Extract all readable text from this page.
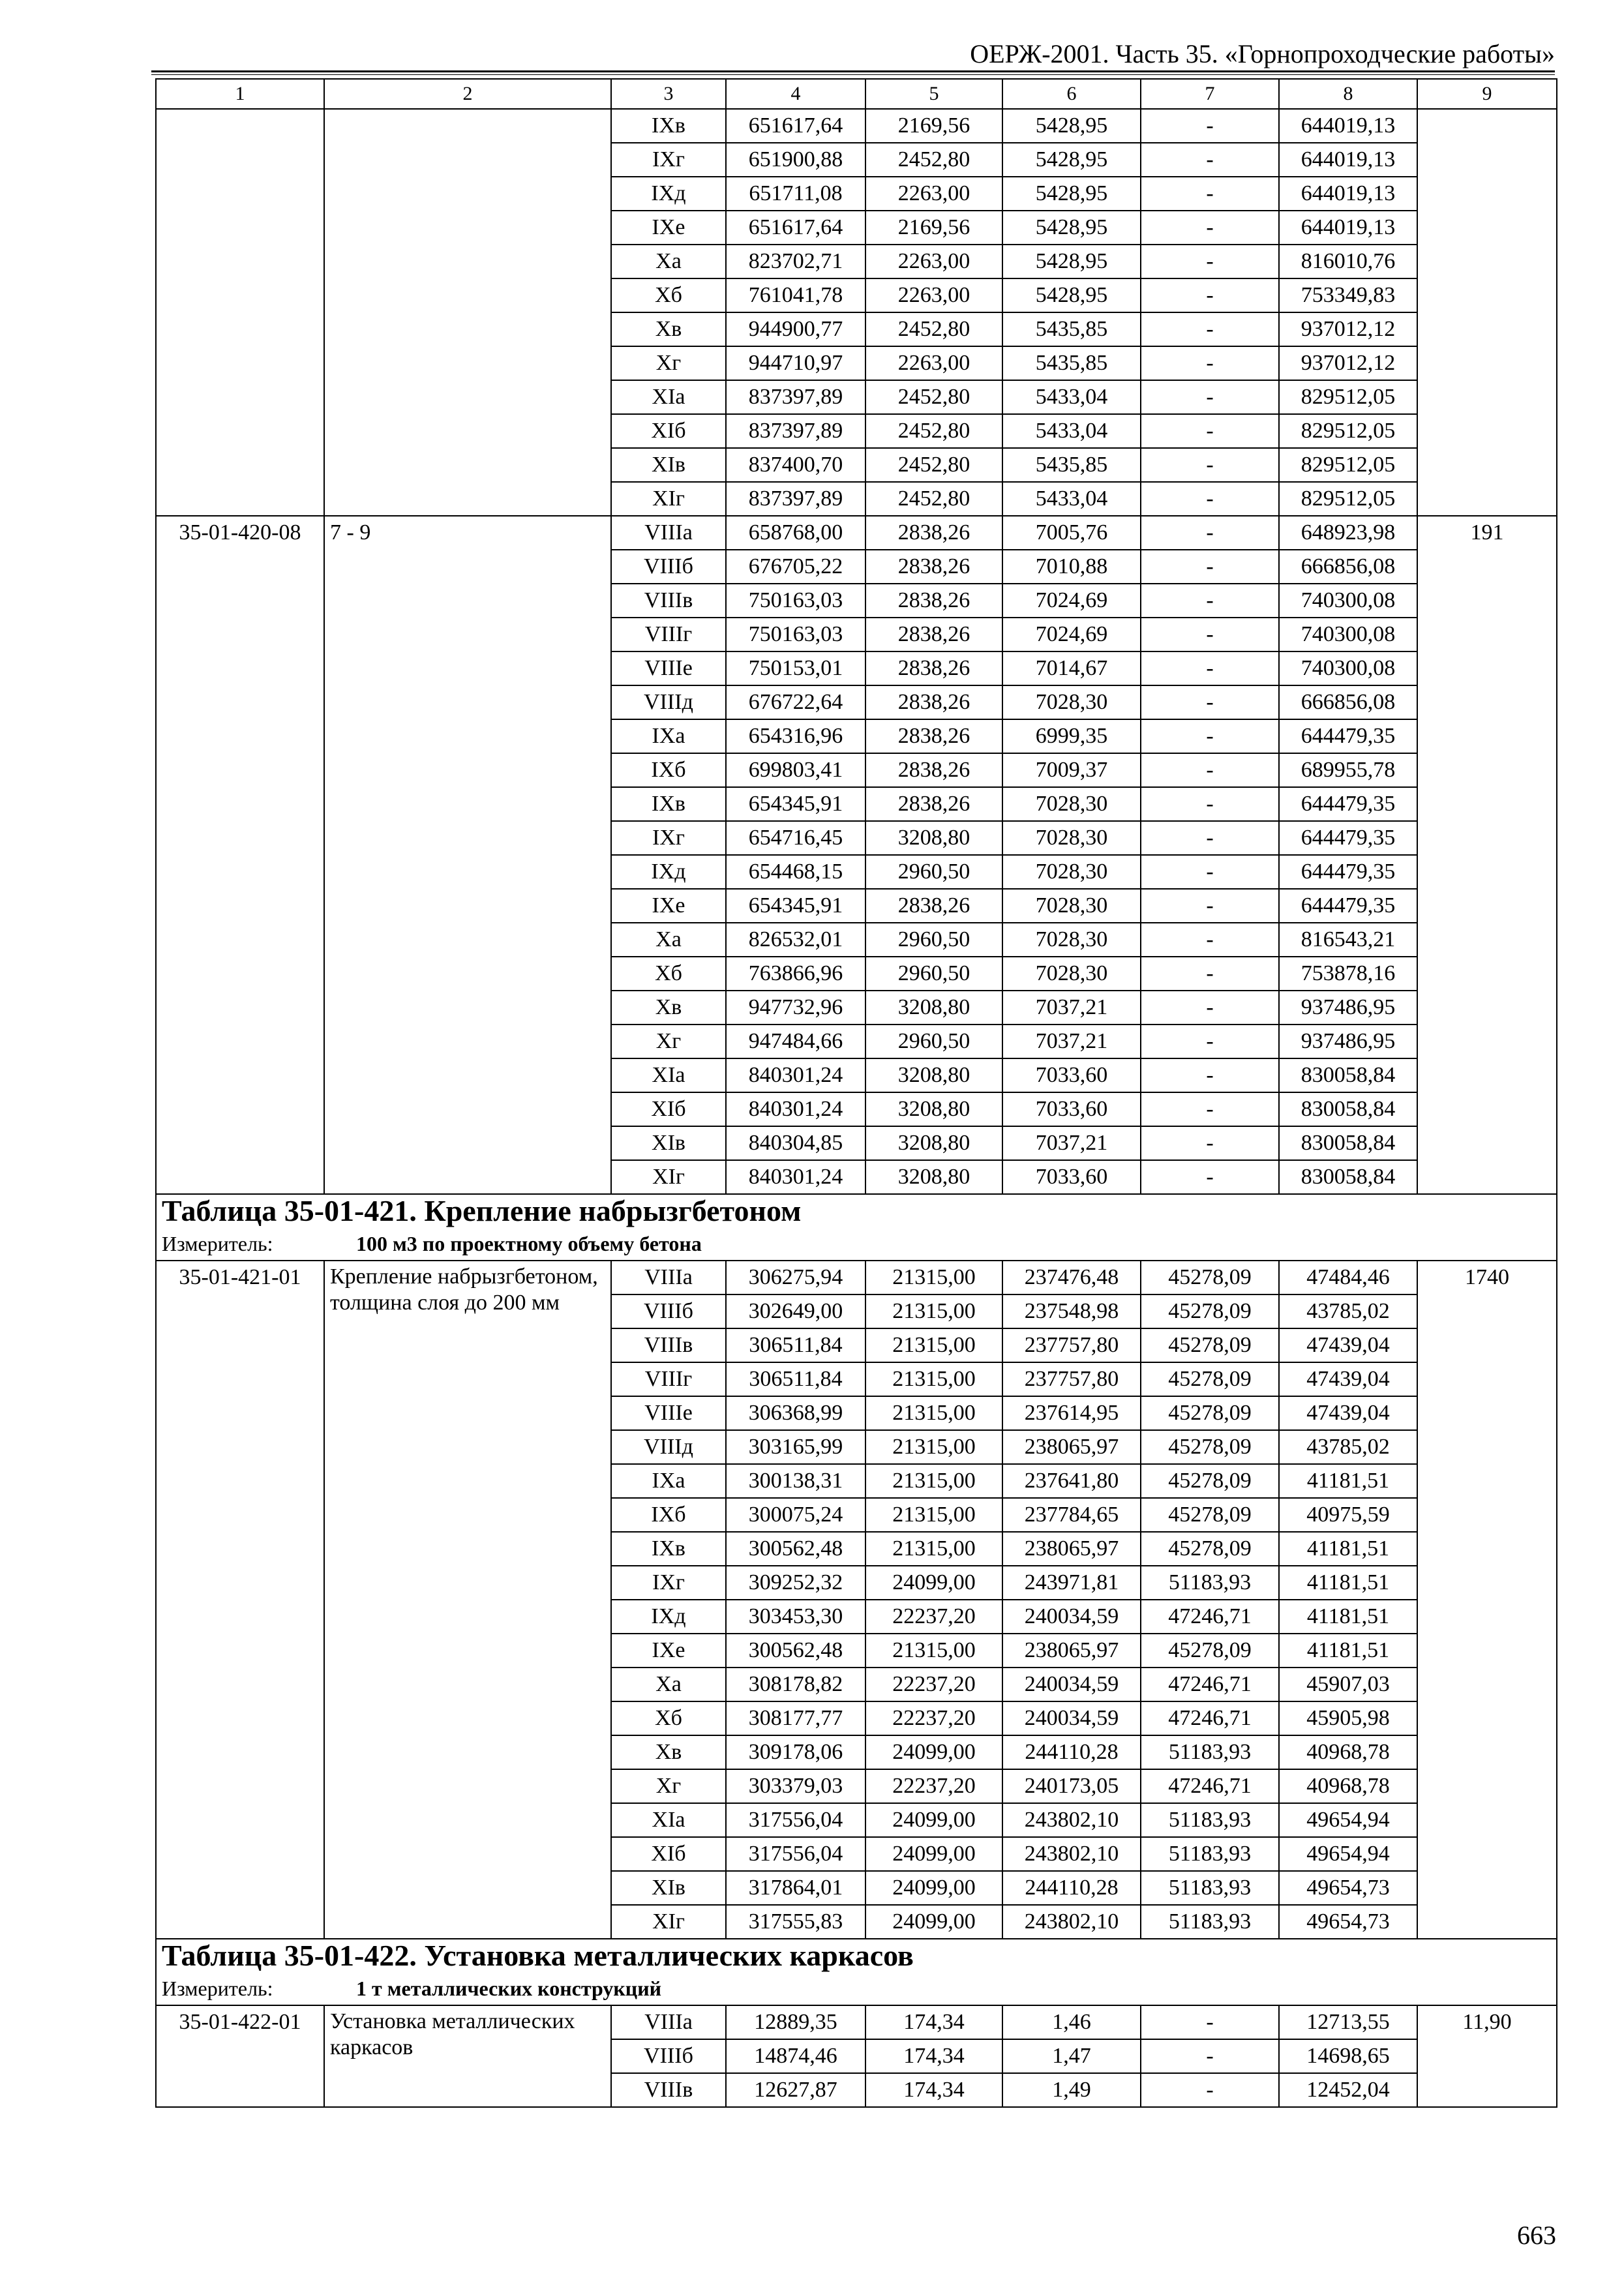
ОЕРЖ-2001. Часть 35. «Горнопроходческие работы»
1	2	3	4	5	6	7	8	9
		IXв	651617,64	2169,56	5428,95	-	644019,13	
		IXг	651900,88	2452,80	5428,95	-	644019,13	
		IXд	651711,08	2263,00	5428,95	-	644019,13	
		IXе	651617,64	2169,56	5428,95	-	644019,13	
		Xа	823702,71	2263,00	5428,95	-	816010,76	
		Xб	761041,78	2263,00	5428,95	-	753349,83	
		Xв	944900,77	2452,80	5435,85	-	937012,12	
		Xг	944710,97	2263,00	5435,85	-	937012,12	
		XIа	837397,89	2452,80	5433,04	-	829512,05	
		XIб	837397,89	2452,80	5433,04	-	829512,05	
		XIв	837400,70	2452,80	5435,85	-	829512,05	
		XIг	837397,89	2452,80	5433,04	-	829512,05	
35-01-420-08	7 - 9	VIIIа	658768,00	2838,26	7005,76	-	648923,98	191
		VIIIб	676705,22	2838,26	7010,88	-	666856,08	
		VIIIв	750163,03	2838,26	7024,69	-	740300,08	
		VIIIг	750163,03	2838,26	7024,69	-	740300,08	
		VIIIе	750153,01	2838,26	7014,67	-	740300,08	
		VIIIд	676722,64	2838,26	7028,30	-	666856,08	
		IXа	654316,96	2838,26	6999,35	-	644479,35	
		IXб	699803,41	2838,26	7009,37	-	689955,78	
		IXв	654345,91	2838,26	7028,30	-	644479,35	
		IXг	654716,45	3208,80	7028,30	-	644479,35	
		IXд	654468,15	2960,50	7028,30	-	644479,35	
		IXе	654345,91	2838,26	7028,30	-	644479,35	
		Xа	826532,01	2960,50	7028,30	-	816543,21	
		Xб	763866,96	2960,50	7028,30	-	753878,16	
		Xв	947732,96	3208,80	7037,21	-	937486,95	
		Xг	947484,66	2960,50	7037,21	-	937486,95	
		XIа	840301,24	3208,80	7033,60	-	830058,84	
		XIб	840301,24	3208,80	7033,60	-	830058,84	
		XIв	840304,85	3208,80	7037,21	-	830058,84	
		XIг	840301,24	3208,80	7033,60	-	830058,84	
Таблица 35-01-421. Крепление набрызгбетоном								
Измеритель: 100 м3 по проектному объему бетона								
35-01-421-01	Крепление набрызгбетоном, толщина слоя до 200 мм	VIIIа	306275,94	21315,00	237476,48	45278,09	47484,46	1740
		VIIIб	302649,00	21315,00	237548,98	45278,09	43785,02	
		VIIIв	306511,84	21315,00	237757,80	45278,09	47439,04	
		VIIIг	306511,84	21315,00	237757,80	45278,09	47439,04	
		VIIIе	306368,99	21315,00	237614,95	45278,09	47439,04	
		VIIIд	303165,99	21315,00	238065,97	45278,09	43785,02	
		IXа	300138,31	21315,00	237641,80	45278,09	41181,51	
		IXб	300075,24	21315,00	237784,65	45278,09	40975,59	
		IXв	300562,48	21315,00	238065,97	45278,09	41181,51	
		IXг	309252,32	24099,00	243971,81	51183,93	41181,51	
		IXд	303453,30	22237,20	240034,59	47246,71	41181,51	
		IXе	300562,48	21315,00	238065,97	45278,09	41181,51	
		Xа	308178,82	22237,20	240034,59	47246,71	45907,03	
		Xб	308177,77	22237,20	240034,59	47246,71	45905,98	
		Xв	309178,06	24099,00	244110,28	51183,93	40968,78	
		Xг	303379,03	22237,20	240173,05	47246,71	40968,78	
		XIа	317556,04	24099,00	243802,10	51183,93	49654,94	
		XIб	317556,04	24099,00	243802,10	51183,93	49654,94	
		XIв	317864,01	24099,00	244110,28	51183,93	49654,73	
		XIг	317555,83	24099,00	243802,10	51183,93	49654,73	
Таблица 35-01-422. Установка металлических каркасов								
Измеритель: 1 т металлических конструкций								
35-01-422-01	Установка металлических каркасов	VIIIа	12889,35	174,34	1,46	-	12713,55	11,90
		VIIIб	14874,46	174,34	1,47	-	14698,65	
		VIIIв	12627,87	174,34	1,49	-	12452,04	
663
